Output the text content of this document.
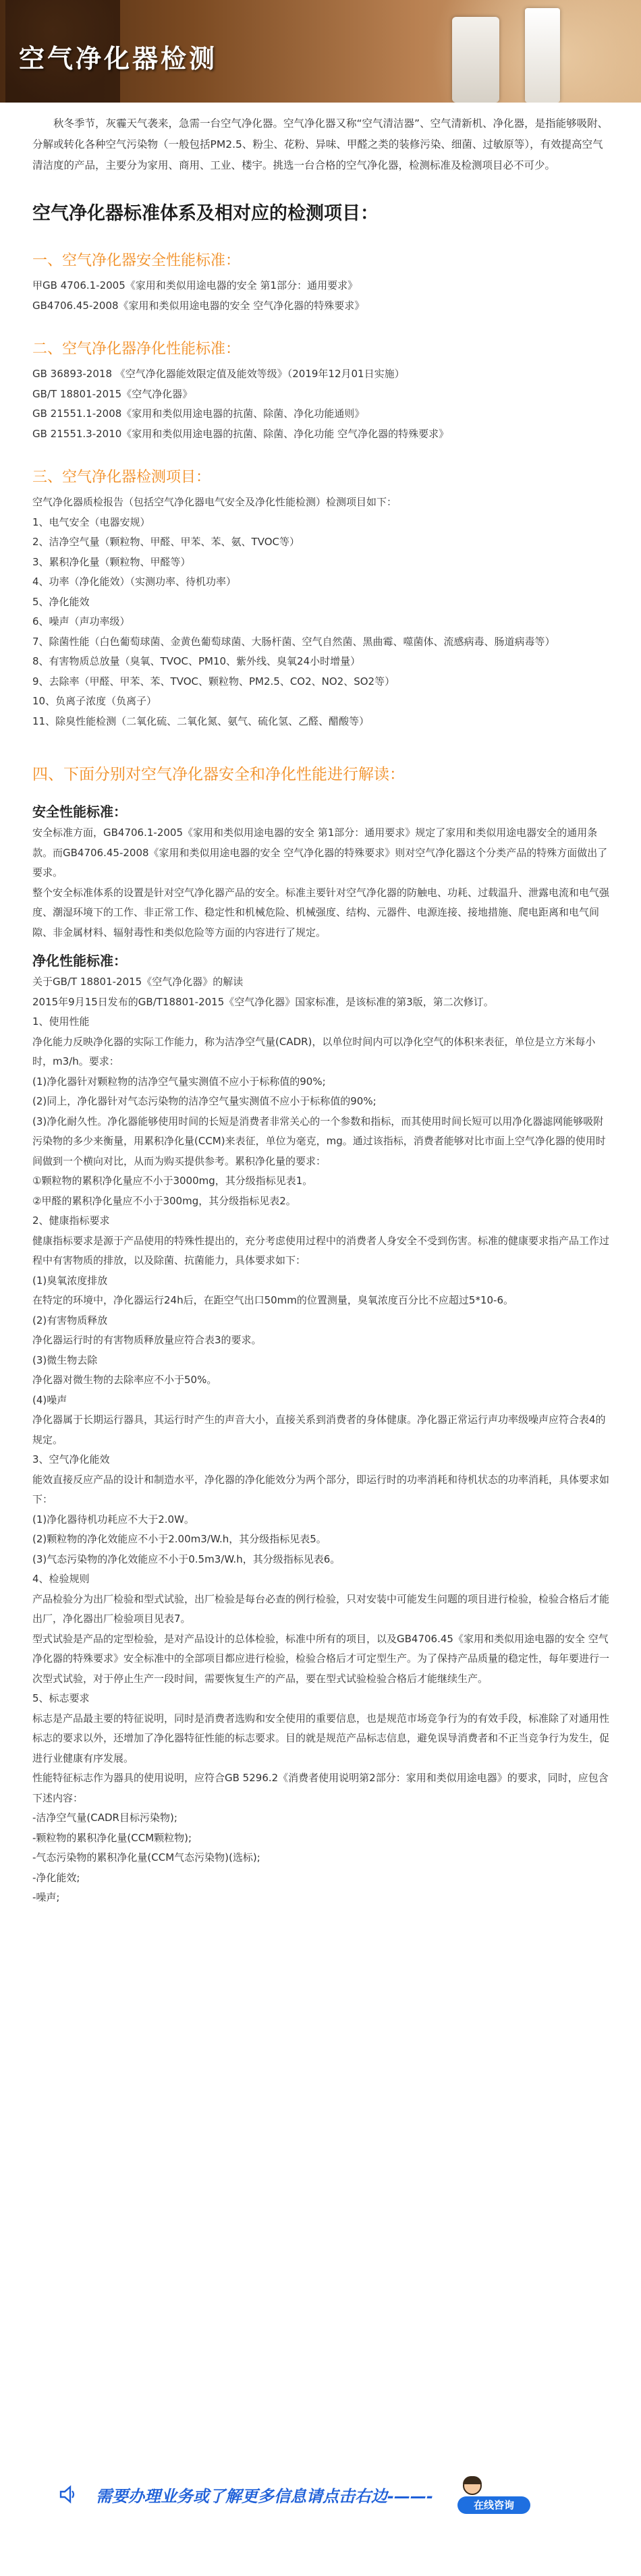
空气净化器检测

秋冬季节，灰霾天气袭来，急需一台空气净化器。空气净化器又称“空气清洁器”、空气清新机、净化器，是指能够吸附、分解或转化各种空气污染物（一般包括PM2.5、粉尘、花粉、异味、甲醛之类的装修污染、细菌、过敏原等），有效提高空气清洁度的产品，主要分为家用、商用、工业、楼宇。挑选一台合格的空气净化器，检测标准及检测项目必不可少。

空气净化器标准体系及相对应的检测项目：
一、空气净化器安全性能标准：
甲GB 4706.1-2005《家用和类似用途电器的安全 第1部分：通用要求》
GB4706.45-2008《家用和类似用途电器的安全 空气净化器的特殊要求》
二、空气净化器净化性能标准：
GB 36893-2018 《空气净化器能效限定值及能效等级》（2019年12月01日实施）
GB/T 18801-2015《空气净化器》
GB 21551.1-2008《家用和类似用途电器的抗菌、除菌、净化功能通则》
GB 21551.3-2010《家用和类似用途电器的抗菌、除菌、净化功能 空气净化器的特殊要求》
三、空气净化器检测项目：
空气净化器质检报告（包括空气净化器电气安全及净化性能检测）检测项目如下：
1、电气安全（电器安规）
2、洁净空气量（颗粒物、甲醛、甲苯、苯、氨、TVOC等）
3、累积净化量（颗粒物、甲醛等）
4、功率（净化能效）（实测功率、待机功率）
5、净化能效
6、噪声（声功率级）
7、除菌性能（白色葡萄球菌、金黄色葡萄球菌、大肠杆菌、空气自然菌、黑曲霉、噬菌体、流感病毒、肠道病毒等）
8、有害物质总放量（臭氧、TVOC、PM10、紫外线、臭氧24小时增量）
9、去除率（甲醛、甲苯、苯、TVOC、颗粒物、PM2.5、CO2、NO2、SO2等）
10、负离子浓度（负离子）
11、除臭性能检测（二氧化硫、二氧化氮、氨气、硫化氢、乙醛、醋酸等）
四、下面分别对空气净化器安全和净化性能进行解读：
安全性能标准：
安全标准方面，GB4706.1-2005《家用和类似用途电器的安全 第1部分：通用要求》规定了家用和类似用途电器安全的通用条款。而GB4706.45-2008《家用和类似用途电器的安全 空气净化器的特殊要求》则对空气净化器这个分类产品的特殊方面做出了要求。
整个安全标准体系的设置是针对空气净化器产品的安全。标准主要针对空气净化器的防触电、功耗、过载温升、泄露电流和电气强度、潮湿环境下的工作、非正常工作、稳定性和机械危险、机械强度、结构、元器件、电源连接、接地措施、爬电距离和电气间隙、非金属材料、辐射毒性和类似危险等方面的内容进行了规定。
净化性能标准：
关于GB/T 18801-2015《空气净化器》的解读
2015年9月15日发布的GB/T18801-2015《空气净化器》国家标准，是该标准的第3版，第二次修订。
1、使用性能
净化能力反映净化器的实际工作能力，称为洁净空气量(CADR)，以单位时间内可以净化空气的体积来表征，单位是立方米每小时，m3/h。要求：
(1)净化器针对颗粒物的洁净空气量实测值不应小于标称值的90%;
(2)同上，净化器针对气态污染物的洁净空气量实测值不应小于标称值的90%;
(3)净化耐久性。净化器能够使用时间的长短是消费者非常关心的一个参数和指标，而其使用时间长短可以用净化器滤网能够吸附污染物的多少来衡量，用累积净化量(CCM)来表征，单位为毫克，mg。通过该指标，消费者能够对比市面上空气净化器的使用时间做到一个横向对比，从而为购买提供参考。累积净化量的要求：
①颗粒物的累积净化量应不小于3000mg，其分级指标见表1。
②甲醛的累积净化量应不小于300mg，其分级指标见表2。
2、健康指标要求
健康指标要求是源于产品使用的特殊性提出的，充分考虑使用过程中的消费者人身安全不受到伤害。标准的健康要求指产品工作过程中有害物质的排放，以及除菌、抗菌能力，具体要求如下：
(1)臭氧浓度排放
在特定的环境中，净化器运行24h后，在距空气出口50mm的位置测量，臭氧浓度百分比不应超过5*10-6。
(2)有害物质释放
净化器运行时的有害物质释放量应符合表3的要求。
(3)微生物去除
净化器对微生物的去除率应不小于50%。
(4)噪声
净化器属于长期运行器具，其运行时产生的声音大小，直接关系到消费者的身体健康。净化器正常运行声功率级噪声应符合表4的规定。
3、空气净化能效
能效直接反应产品的设计和制造水平，净化器的净化能效分为两个部分，即运行时的功率消耗和待机状态的功率消耗，具体要求如下：
(1)净化器待机功耗应不大于2.0W。
(2)颗粒物的净化效能应不小于2.00m3/W.h，其分级指标见表5。
(3)气态污染物的净化效能应不小于0.5m3/W.h，其分级指标见表6。
4、检验规则
产品检验分为出厂检验和型式试验，出厂检验是每台必查的例行检验，只对安装中可能发生问题的项目进行检验，检验合格后才能出厂，净化器出厂检验项目见表7。
型式试验是产品的定型检验，是对产品设计的总体检验，标准中所有的项目，以及GB4706.45《家用和类似用途电器的安全 空气净化器的特殊要求》安全标准中的全部项目都应进行检验，检验合格后才可定型生产。为了保持产品质量的稳定性，每年要进行一次型式试验，对于停止生产一段时间，需要恢复生产的产品，要在型式试验检验合格后才能继续生产。
5、标志要求
标志是产品最主要的特征说明，同时是消费者选购和安全使用的重要信息，也是规范市场竞争行为的有效手段，标准除了对通用性标志的要求以外，还增加了净化器特征性能的标志要求。目的就是规范产品标志信息，避免误导消费者和不正当竞争行为发生，促进行业健康有序发展。
性能特征标志作为器具的使用说明，应符合GB 5296.2《消费者使用说明第2部分：家用和类似用途电器》的要求，同时，应包含下述内容：
-洁净空气量(CADR目标污染物);
-颗粒物的累积净化量(CCM颗粒物);
-气态污染物的累积净化量(CCM气态污染物)(选标);
-净化能效;
-噪声;
需要办理业务或了解更多信息请点击右边-——-	在线咨询
